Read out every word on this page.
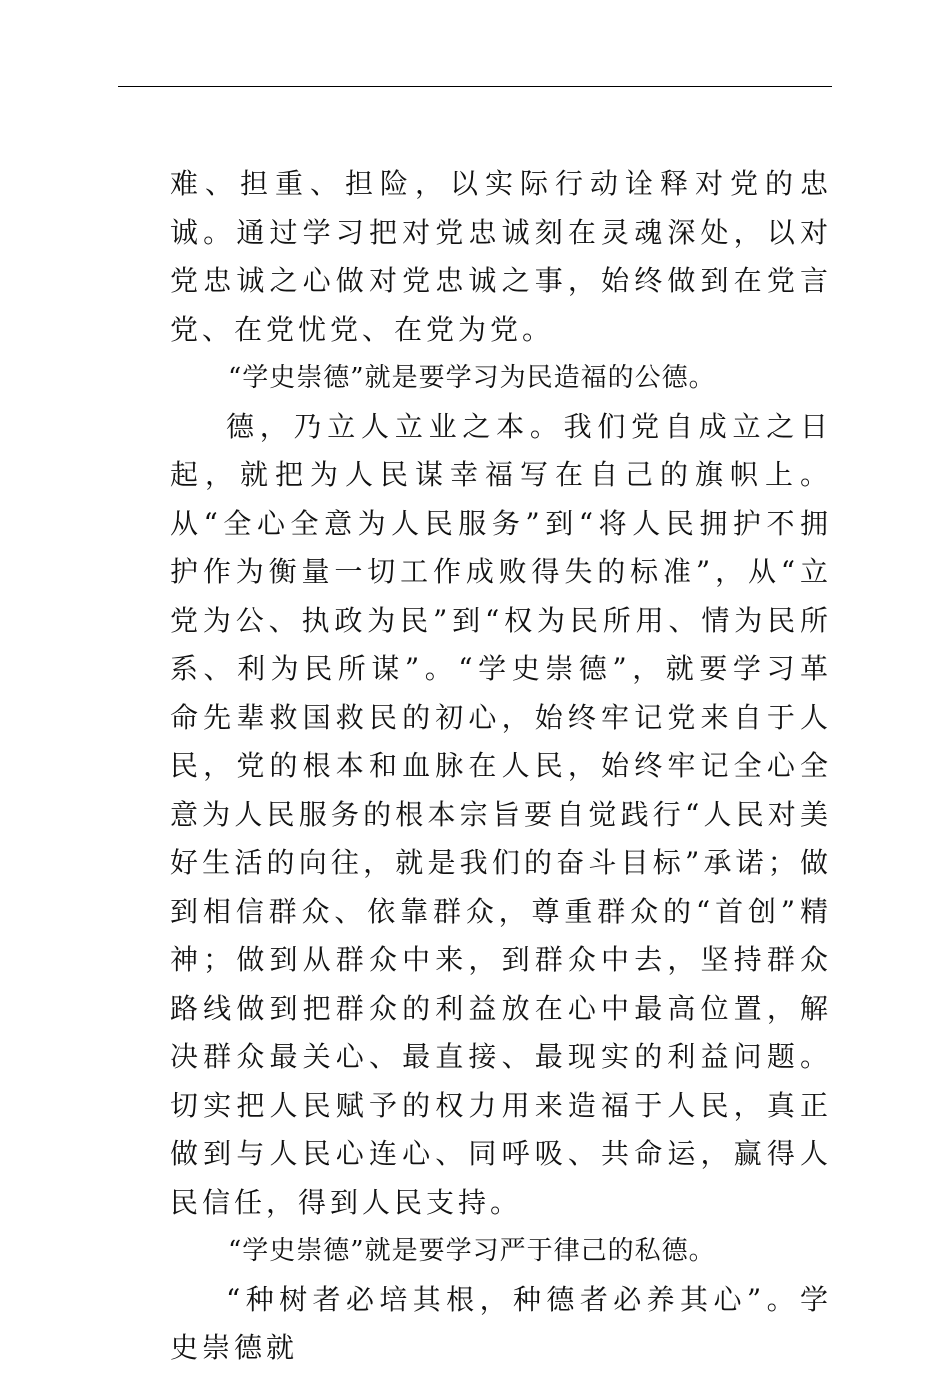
难、担重、担险，以实际行动诠释对党的忠诚。通过学习把对党忠诚刻在灵魂深处，以对党忠诚之心做对党忠诚之事，始终做到在党言党、在党忧党、在党为党。

“学史崇德”就是要学习为民造福的公德。

德，乃立人立业之本。我们党自成立之日起，就把为人民谋幸福写在自己的旗帜上。从“全心全意为人民服务”到“将人民拥护不拥护作为衡量一切工作成败得失的标准”，从“立党为公、执政为民”到“权为民所用、情为民所系、利为民所谋”。“学史崇德”，就要学习革命先辈救国救民的初心，始终牢记党来自于人民，党的根本和血脉在人民，始终牢记全心全意为人民服务的根本宗旨要自觉践行“人民对美好生活的向往，就是我们的奋斗目标”承诺；做到相信群众、依靠群众，尊重群众的“首创”精神；做到从群众中来，到群众中去，坚持群众路线做到把群众的利益放在心中最高位置，解决群众最关心、最直接、最现实的利益问题。切实把人民赋予的权力用来造福于人民，真正做到与人民心连心、同呼吸、共命运，赢得人民信任，得到人民支持。

“学史崇德”就是要学习严于律己的私德。

“种树者必培其根，种德者必养其心”。学史崇德就
